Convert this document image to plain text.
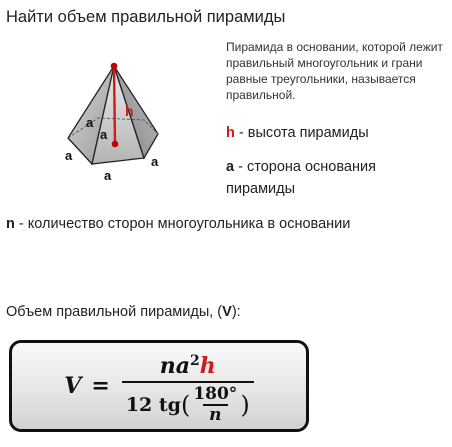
Найти объем правильной пирамиды
h
a
a
a
a
a
Пирамида в основании, которой лежит правильный многоугольник и грани равные треугольники, называется правильной.
h - высота пирамиды
a - сторона основания пирамиды
n - количество сторон многоугольника в основании
Объем правильной пирамиды, (V):
V =
$na^2h$
12 tg ( $\frac{180^\circ}{n}$ )
